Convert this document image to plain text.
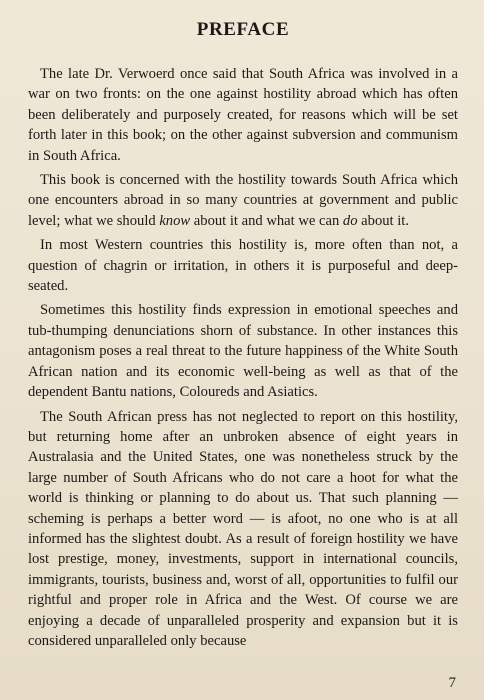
PREFACE

The late Dr. Verwoerd once said that South Africa was involved in a war on two fronts: on the one against hostility abroad which has often been deliberately and purposely created, for reasons which will be set forth later in this book; on the other against subversion and communism in South Africa.

This book is concerned with the hostility towards South Africa which one encounters abroad in so many countries at government and public level; what we should know about it and what we can do about it.

In most Western countries this hostility is, more often than not, a question of chagrin or irritation, in others it is purposeful and deep-seated.

Sometimes this hostility finds expression in emotional speeches and tub-thumping denunciations shorn of substance. In other instances this antagonism poses a real threat to the future happiness of the White South African nation and its economic well-being as well as that of the dependent Bantu nations, Coloureds and Asiatics.

The South African press has not neglected to report on this hostility, but returning home after an unbroken absence of eight years in Australasia and the United States, one was nonetheless struck by the large number of South Africans who do not care a hoot for what the world is thinking or planning to do about us. That such planning — scheming is perhaps a better word — is afoot, no one who is at all informed has the slightest doubt. As a result of foreign hostility we have lost prestige, money, investments, support in international councils, immigrants, tourists, business and, worst of all, opportunities to fulfil our rightful and proper role in Africa and the West. Of course we are enjoying a decade of unparalleled prosperity and expansion but it is considered unparalleled only because

7
